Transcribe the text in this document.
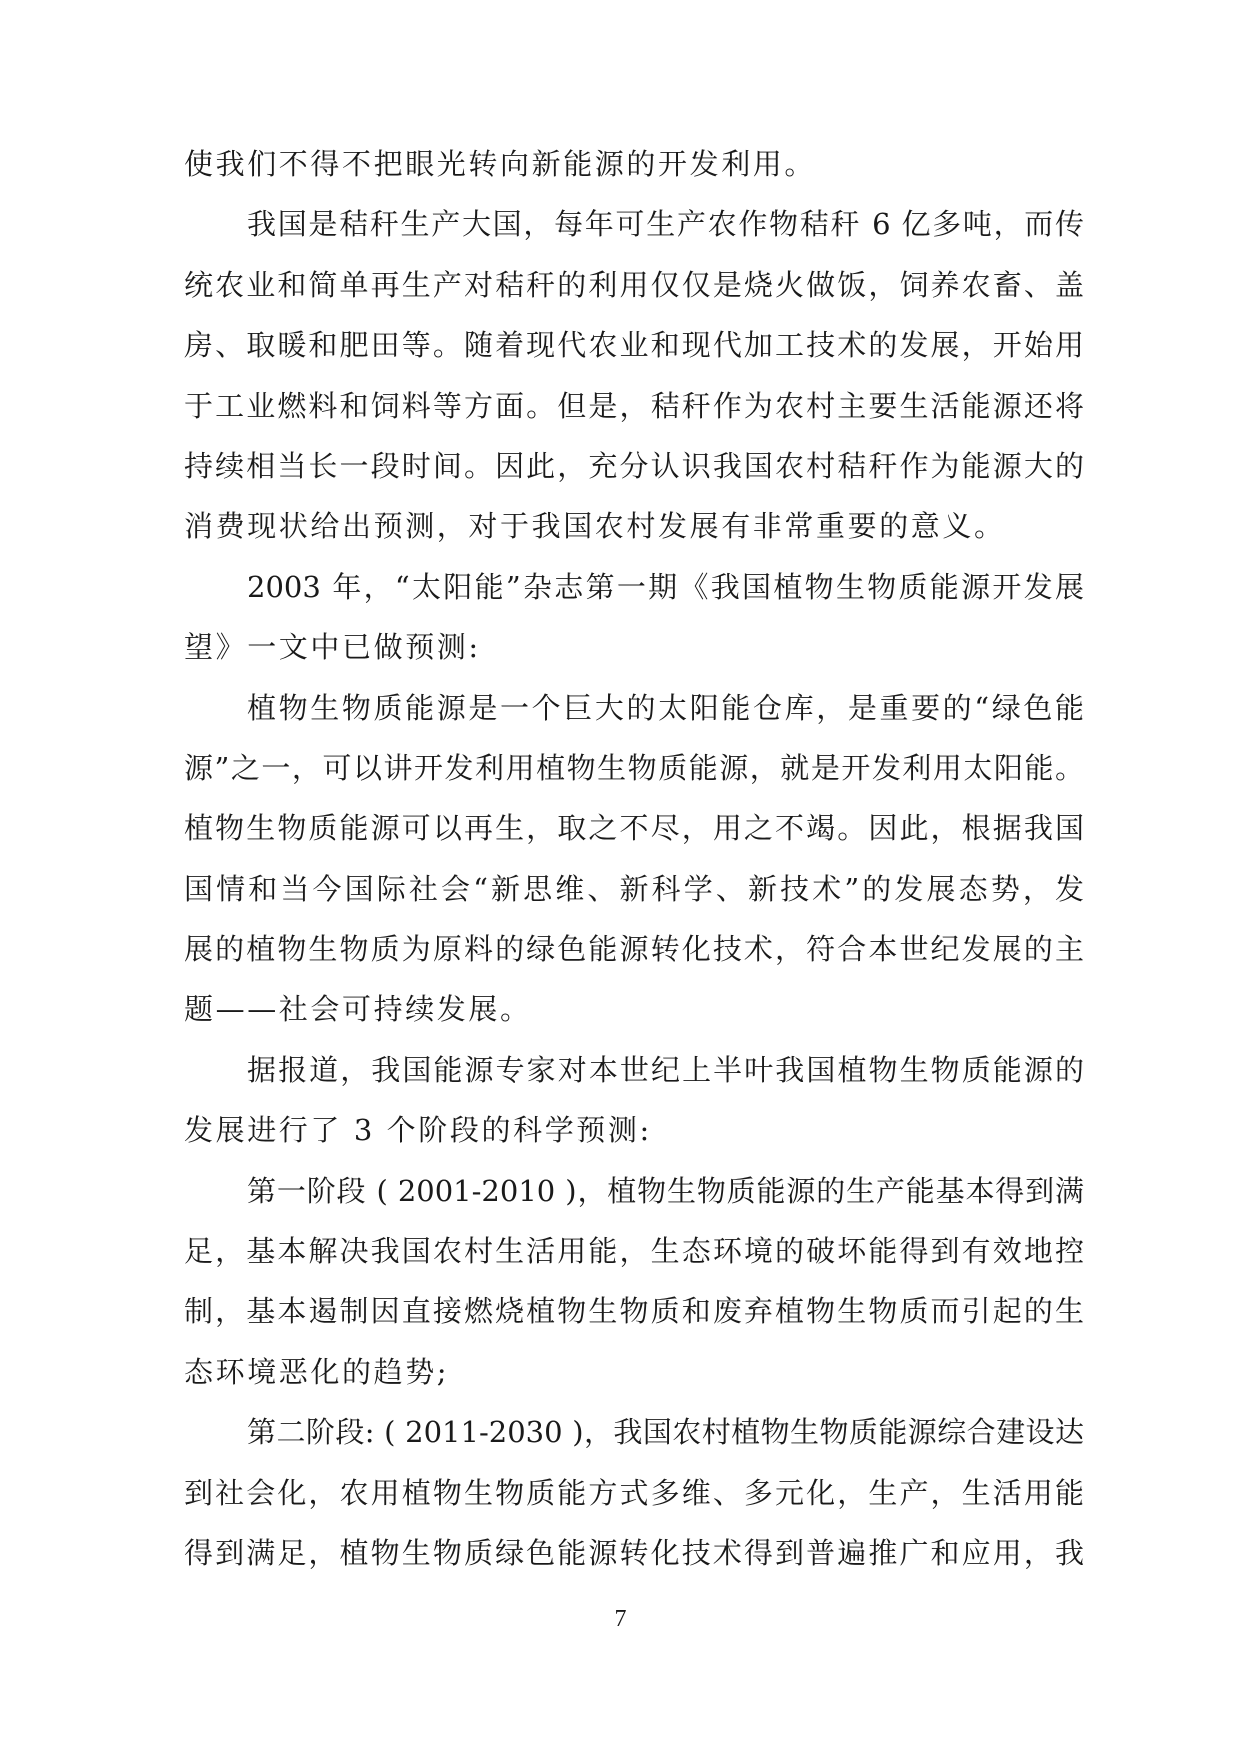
使我们不得不把眼光转向新能源的开发利用。
我国是秸秆生产大国，每年可生产农作物秸秆 6 亿多吨，而传
统农业和简单再生产对秸秆的利用仅仅是烧火做饭，饲养农畜、盖
房、取暖和肥田等。随着现代农业和现代加工技术的发展，开始用
于工业燃料和饲料等方面。但是，秸秆作为农村主要生活能源还将
持续相当长一段时间。因此，充分认识我国农村秸秆作为能源大的
消费现状给出预测，对于我国农村发展有非常重要的意义。
2003 年，“太阳能”杂志第一期《我国植物生物质能源开发展
望》一文中已做预测:
植物生物质能源是一个巨大的太阳能仓库，是重要的“绿色能
源”之一，可以讲开发利用植物生物质能源，就是开发利用太阳能。
植物生物质能源可以再生，取之不尽，用之不竭。因此，根据我国
国情和当今国际社会“新思维、新科学、新技术”的发展态势，发
展的植物生物质为原料的绿色能源转化技术，符合本世纪发展的主
题——社会可持续发展。
据报道，我国能源专家对本世纪上半叶我国植物生物质能源的
发展进行了 3 个阶段的科学预测:
第一阶段 ( 2001-2010 )，植物生物质能源的生产能基本得到满
足，基本解决我国农村生活用能，生态环境的破坏能得到有效地控
制，基本遏制因直接燃烧植物生物质和废弃植物生物质而引起的生
态环境恶化的趋势;
第二阶段: ( 2011-2030 )，我国农村植物生物质能源综合建设达
到社会化，农用植物生物质能方式多维、多元化，生产，生活用能
得到满足，植物生物质绿色能源转化技术得到普遍推广和应用，我
7
